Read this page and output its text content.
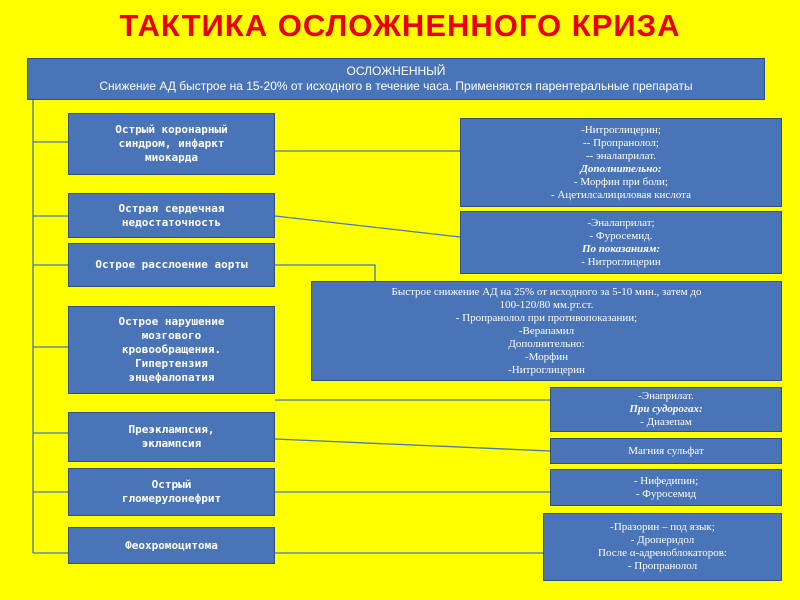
ТАКТИКА ОСЛОЖНЕННОГО КРИЗА
ОСЛОЖНЕННЫЙ
Снижение АД быстрое на 15-20% от исходного в течение часа. Применяются парентеральные препараты
Острый коронарный
синдром, инфаркт
миокарда
Острая сердечная
недостаточность
Острое расслоение аорты
Острое нарушение
мозгового
кровообращения.
Гипертензия
энцефалопатия
Преэклампсия,
эклампсия
Острый
гломерулонефрит
Феохромоцитома
-Нитроглицерин;
-- Пропранолол;
-- эналаприлат.
Дополнительно:
- Морфин при боли;
- Ацетилсалициловая кислота
-Эналаприлат;
- Фуросемид.
По показаниям:
- Нитроглицерин
Быстрое снижение АД на 25% от исходного за 5-10 мин., затем до
100-120/80 мм.рт.ст.
- Пропранолол при противопоказании;
-Верапамил
Дополнительно:
-Морфин
-Нитроглицерин
-Энаприлат.
При судорогах:
- Диазепам
Магния сульфат
- Нифедипин;
- Фуросемид
-Празорин – под язык;
- Дроперидол
После α-адреноблокаторов:
- Пропранолол
